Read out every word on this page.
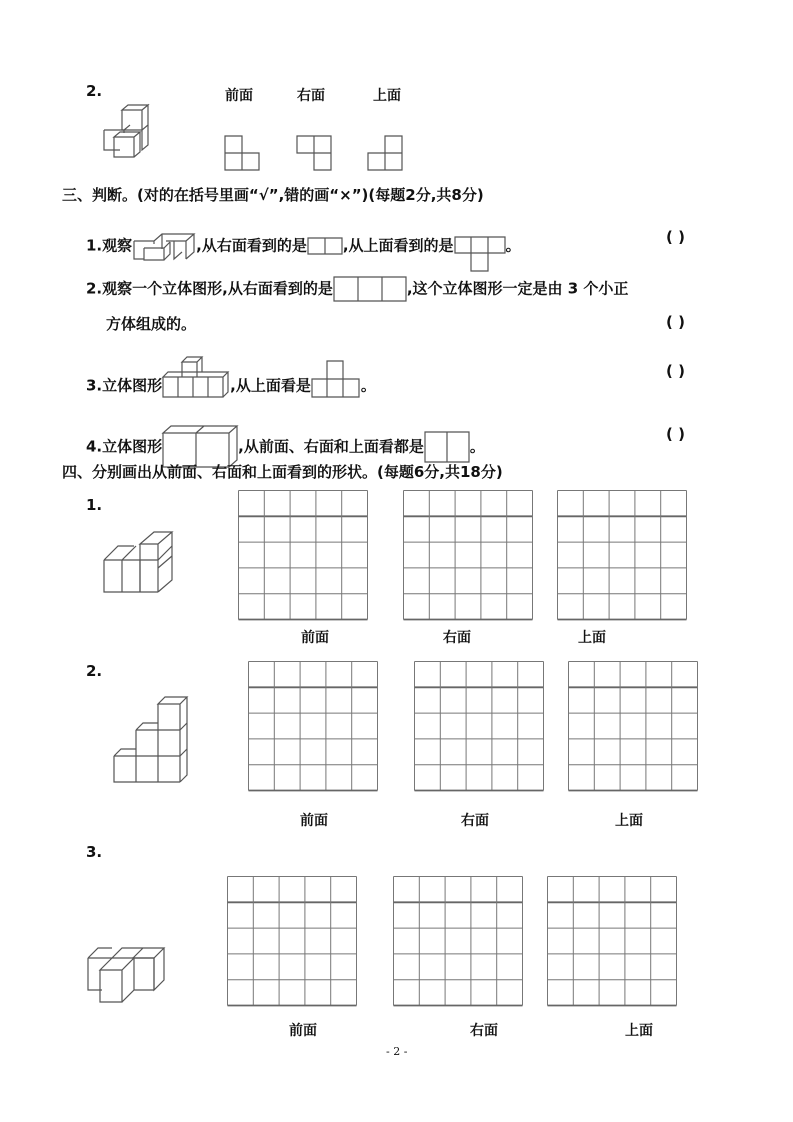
2.	前面	右面	上面
三、判断。(对的在括号里画“√”,错的画“×”)(每题2分,共8分)
1.观察	,从右面看到的是 ,从上面看到的是	。	( )
2.观察一个立体图形,从右面看到的是	,这个立体图形一定是由 3 个小正
方体组成的。	( )
3.立体图形	,从上面看是	。
( )
4.立体图形	,从前面、右面和上面看都是	。
( )
四、分别画出从前面、右面和上面看到的形状。(每题6分,共18分)
1.
前面	右面	上面
2.
前面	右面	上面
3.
前面	右面	上面
- 2 -
